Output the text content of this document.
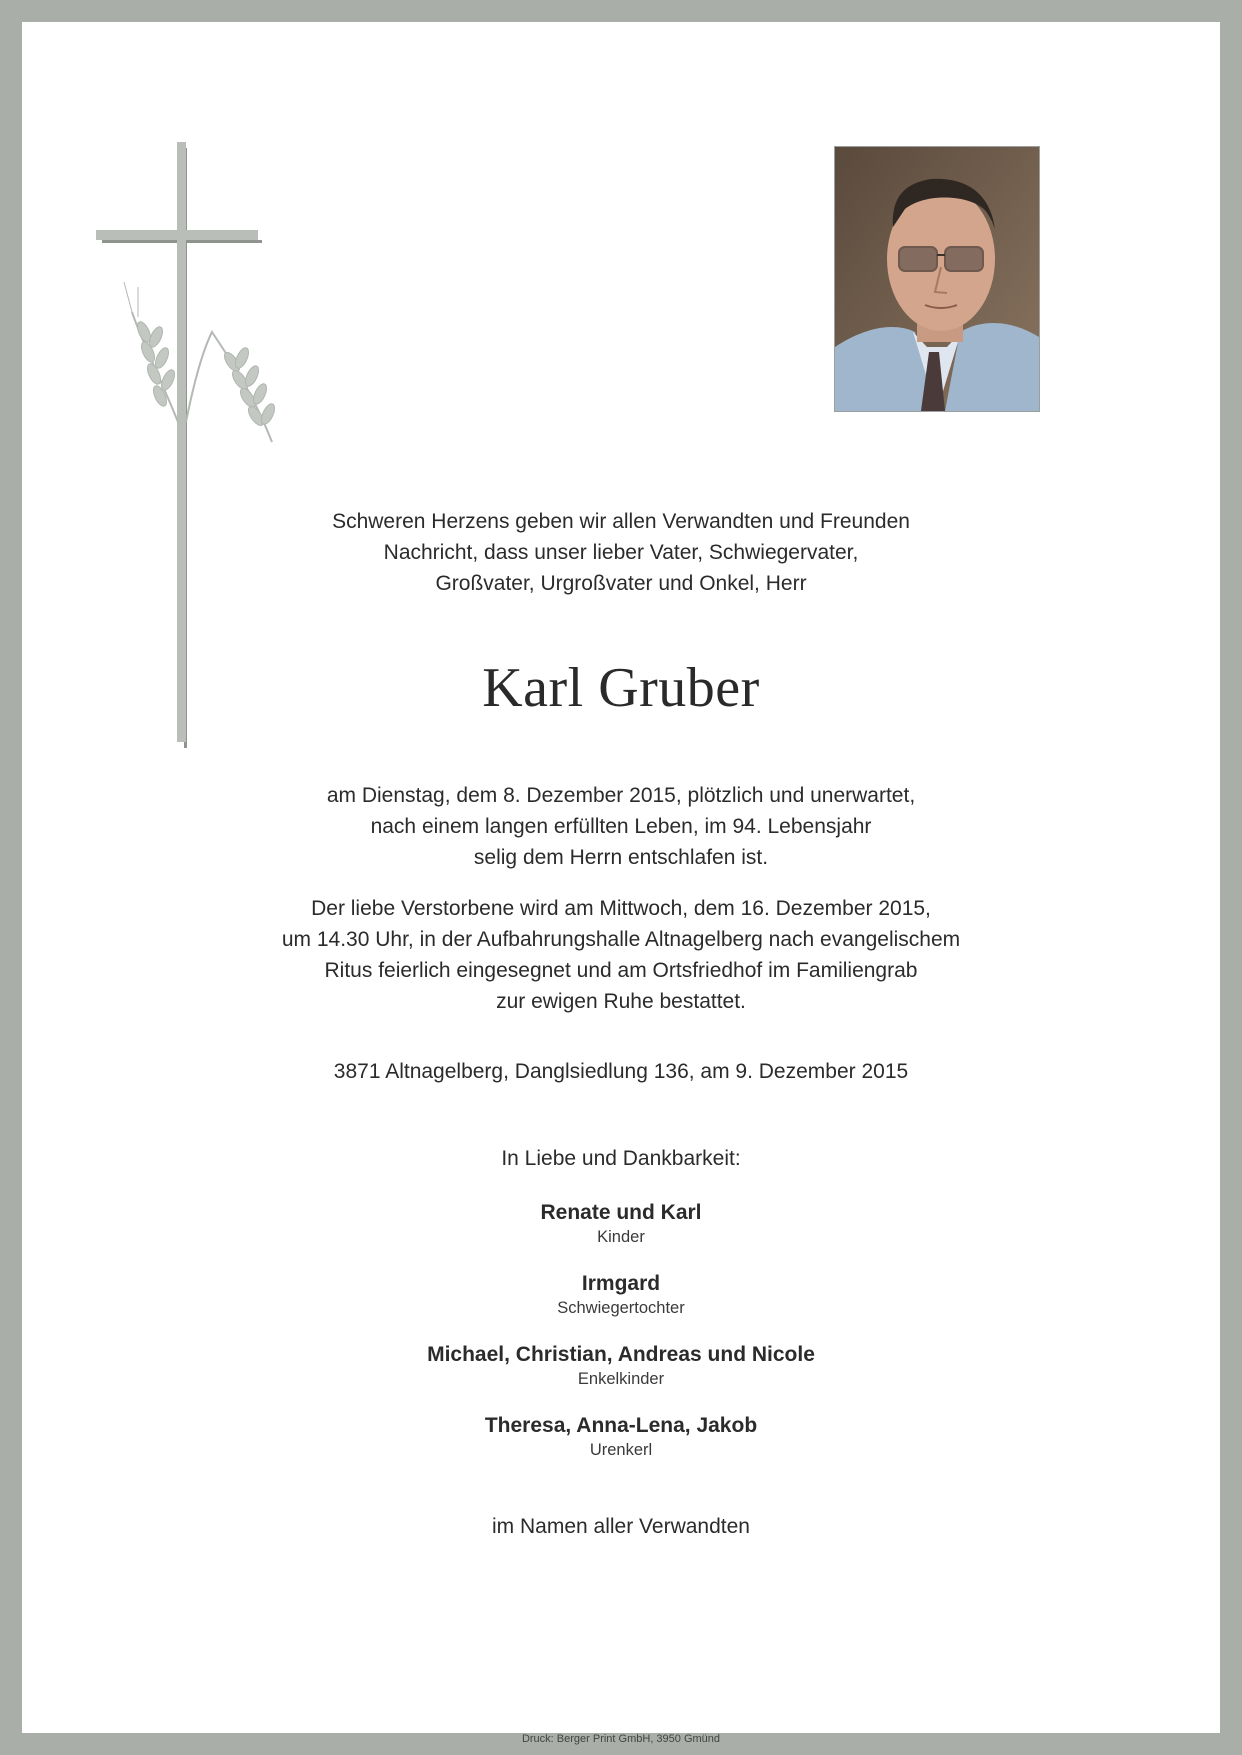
Schweren Herzens geben wir allen Verwandten und Freunden
Nachricht, dass unser lieber Vater, Schwiegervater,
Großvater, Urgroßvater und Onkel, Herr
Karl Gruber
am Dienstag, dem 8. Dezember 2015, plötzlich und unerwartet,
nach einem langen erfüllten Leben, im 94. Lebensjahr
selig dem Herrn entschlafen ist.
Der liebe Verstorbene wird am Mittwoch, dem 16. Dezember 2015,
um 14.30 Uhr, in der Aufbahrungshalle Altnagelberg nach evangelischem
Ritus feierlich eingesegnet und am Ortsfriedhof im Familiengrab
zur ewigen Ruhe bestattet.
3871 Altnagelberg, Danglsiedlung 136, am 9. Dezember 2015
In Liebe und Dankbarkeit:
Renate und Karl
Kinder
Irmgard
Schwiegertochter
Michael, Christian, Andreas und Nicole
Enkelkinder
Theresa, Anna-Lena, Jakob
Urenkerl
im Namen aller Verwandten
Druck: Berger Print GmbH, 3950 Gmünd
